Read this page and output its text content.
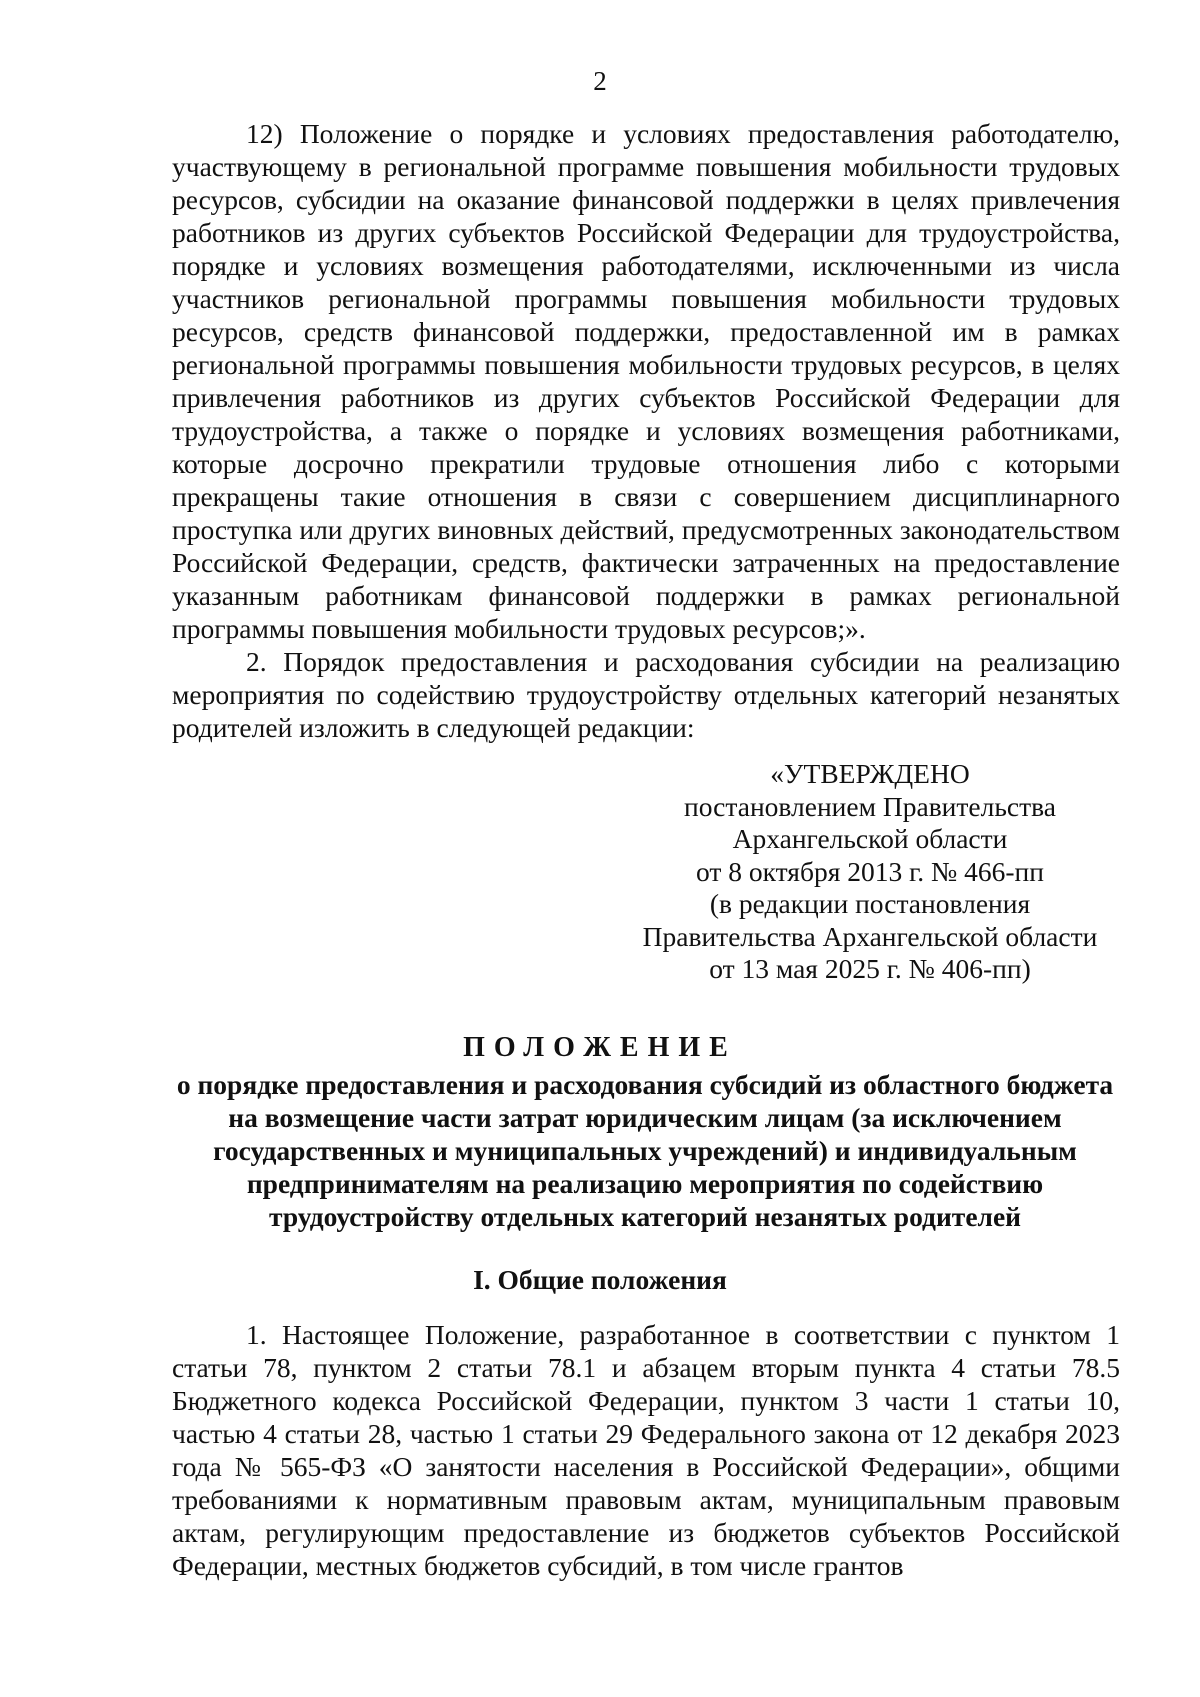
2

12) Положение о порядке и условиях предоставления работодателю, участвующему в региональной программе повышения мобильности трудовых ресурсов, субсидии на оказание финансовой поддержки в целях привлечения работников из других субъектов Российской Федерации для трудоустройства, порядке и условиях возмещения работодателями, исключенными из числа участников региональной программы повышения мобильности трудовых ресурсов, средств финансовой поддержки, предоставленной им в рамках региональной программы повышения мобильности трудовых ресурсов, в целях привлечения работников из других субъектов Российской Федерации для трудоустройства, а также о порядке и условиях возмещения работниками, которые досрочно прекратили трудовые отношения либо с которыми прекращены такие отношения в связи с совершением дисциплинарного проступка или других виновных действий, предусмотренных законодательством Российской Федерации, средств, фактически затраченных на предоставление указанным работникам финансовой поддержки в рамках региональной программы повышения мобильности трудовых ресурсов;».

2. Порядок предоставления и расходования субсидии на реализацию мероприятия по содействию трудоустройству отдельных категорий незанятых родителей изложить в следующей редакции:

«УТВЕРЖДЕНО
постановлением Правительства
Архангельской области
от 8 октября 2013 г. № 466-пп
(в редакции постановления
Правительства Архангельской области
от 13 мая 2025 г. № 406-пп)
ПОЛОЖЕНИЕ
о порядке предоставления и расходования субсидий из областного бюджета
на возмещение части затрат юридическим лицам (за исключением
государственных и муниципальных учреждений) и индивидуальным
предпринимателям на реализацию мероприятия по содействию
трудоустройству отдельных категорий незанятых родителей
I. Общие положения

1. Настоящее Положение, разработанное в соответствии с пунктом 1 статьи 78, пунктом 2 статьи 78.1 и абзацем вторым пункта 4 статьи 78.5 Бюджетного кодекса Российской Федерации, пунктом 3 части 1 статьи 10, частью 4 статьи 28, частью 1 статьи 29 Федерального закона от 12 декабря 2023 года № 565-ФЗ «О занятости населения в Российской Федерации», общими требованиями к нормативным правовым актам, муниципальным правовым актам, регулирующим предоставление из бюджетов субъектов Российской Федерации, местных бюджетов субсидий, в том числе грантов
